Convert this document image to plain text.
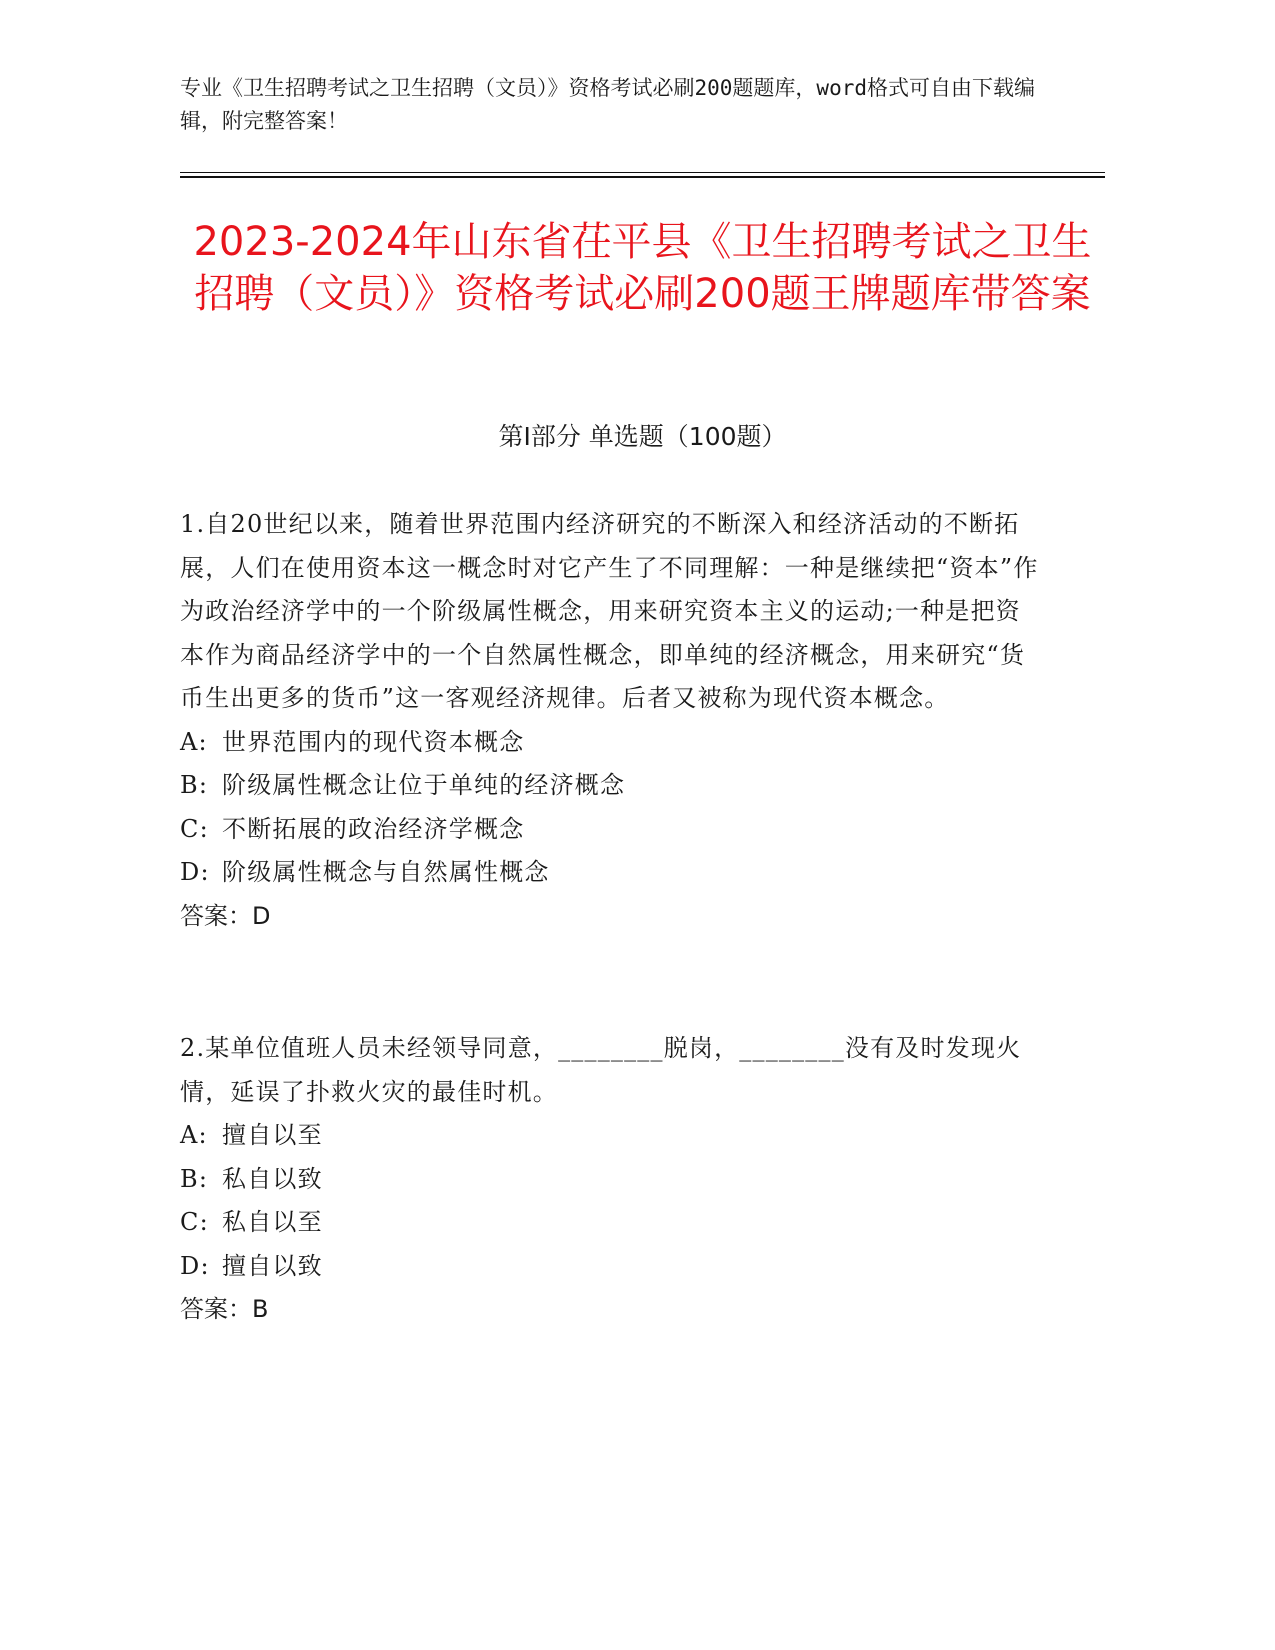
专业《卫生招聘考试之卫生招聘（文员）》资格考试必刷200题题库，word格式可自由下载编辑，附完整答案！
2023-2024年山东省茌平县《卫生招聘考试之卫生招聘（文员）》资格考试必刷200题王牌题库带答案
第Ⅰ部分 单选题（100题）

1.自20世纪以来，随着世界范围内经济研究的不断深入和经济活动的不断拓展，人们在使用资本这一概念时对它产生了不同理解：一种是继续把“资本”作为政治经济学中的一个阶级属性概念，用来研究资本主义的运动;一种是把资本作为商品经济学中的一个自然属性概念，即单纯的经济概念，用来研究“货币生出更多的货币”这一客观经济规律。后者又被称为现代资本概念。

A: 世界范围内的现代资本概念

B: 阶级属性概念让位于单纯的经济概念

C: 不断拓展的政治经济学概念

D: 阶级属性概念与自然属性概念

答案：D

2.某单位值班人员未经领导同意，________脱岗，________没有及时发现火情，延误了扑救火灾的最佳时机。

A: 擅自以至

B: 私自以致

C: 私自以至

D: 擅自以致

答案：B
